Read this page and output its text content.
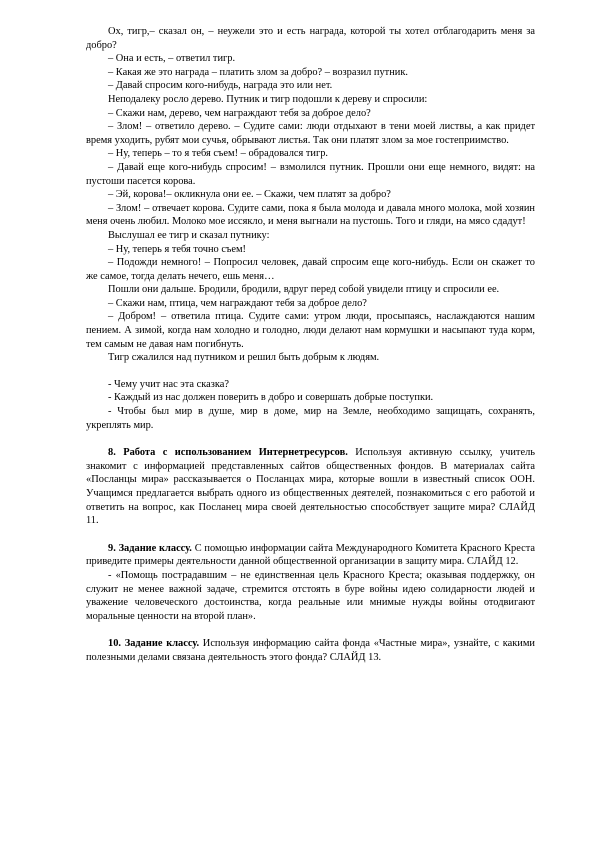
Ох, тигр,– сказал он, – неужели это и есть награда, которой ты хотел отблагодарить меня за добро?

– Она и есть, – ответил тигр.

– Какая же это награда – платить злом за добро? – возразил путник.

– Давай спросим кого-нибудь, награда это или нет.

Неподалеку росло дерево. Путник и тигр подошли к дереву и спросили:

– Скажи нам, дерево, чем награждают тебя за доброе дело?

– Злом! – ответило дерево. – Судите сами: люди отдыхают в тени моей листвы, а как придет время уходить, рубят мои сучья, обрывают листья. Так они платят злом за мое гостеприимство.

– Ну, теперь – то я тебя съем! – обрадовался тигр.

– Давай еще кого-нибудь спросим! – взмолился путник. Прошли они еще немного, видят: на пустоши пасется корова.

– Эй, корова!– окликнула они ее. – Скажи, чем платят за добро?

– Злом! – отвечает корова. Судите сами, пока я была молода и давала много молока, мой хозяин меня очень любил. Молоко мое иссякло, и меня выгнали на пустошь. Того и гляди, на мясо сдадут!

Выслушал ее тигр и сказал путнику:

– Ну, теперь я тебя точно съем!

– Подожди немного! – Попросил человек, давай спросим еще кого-нибудь. Если он скажет то же самое, тогда делать нечего, ешь меня…

Пошли они дальше. Бродили, бродили, вдруг перед собой увидели птицу и спросили ее.

– Скажи нам, птица, чем награждают тебя за доброе дело?

– Добром! – ответила птица. Судите сами: утром люди, просыпаясь, наслаждаются нашим пением. А зимой, когда нам холодно и голодно, люди делают нам кормушки и насыпают туда корм, тем самым не давая нам погибнуть.

Тигр сжалился над путником и решил быть добрым к людям.

- Чему учит нас эта сказка?

- Каждый из нас должен поверить в добро и совершать добрые поступки.

- Чтобы был мир в душе, мир в доме, мир на Земле, необходимо защищать, сохранять, укреплять мир.

8. Работа с использованием Интернетресурсов. Используя активную ссылку, учитель знакомит с информацией представленных сайтов общественных фондов. В материалах сайта «Посланцы мира» рассказывается о Посланцах мира, которые вошли в известный список ООН. Учащимся предлагается выбрать одного из общественных деятелей, познакомиться с его работой и ответить на вопрос, как Посланец мира своей деятельностью способствует защите мира? СЛАЙД 11.

9. Задание классу. С помощью информации сайта Международного Комитета Красного Креста приведите примеры деятельности данной общественной организации в защиту мира. СЛАЙД 12.

- «Помощь пострадавшим – не единственная цель Красного Креста; оказывая поддержку, он служит не менее важной задаче, стремится отстоять в буре войны идею солидарности людей и уважение человеческого достоинства, когда реальные или мнимые нужды войны отодвигают моральные ценности на второй план».

10. Задание классу. Используя информацию сайта фонда «Частные мира», узнайте, с какими полезными делами связана деятельность этого фонда? СЛАЙД 13.
